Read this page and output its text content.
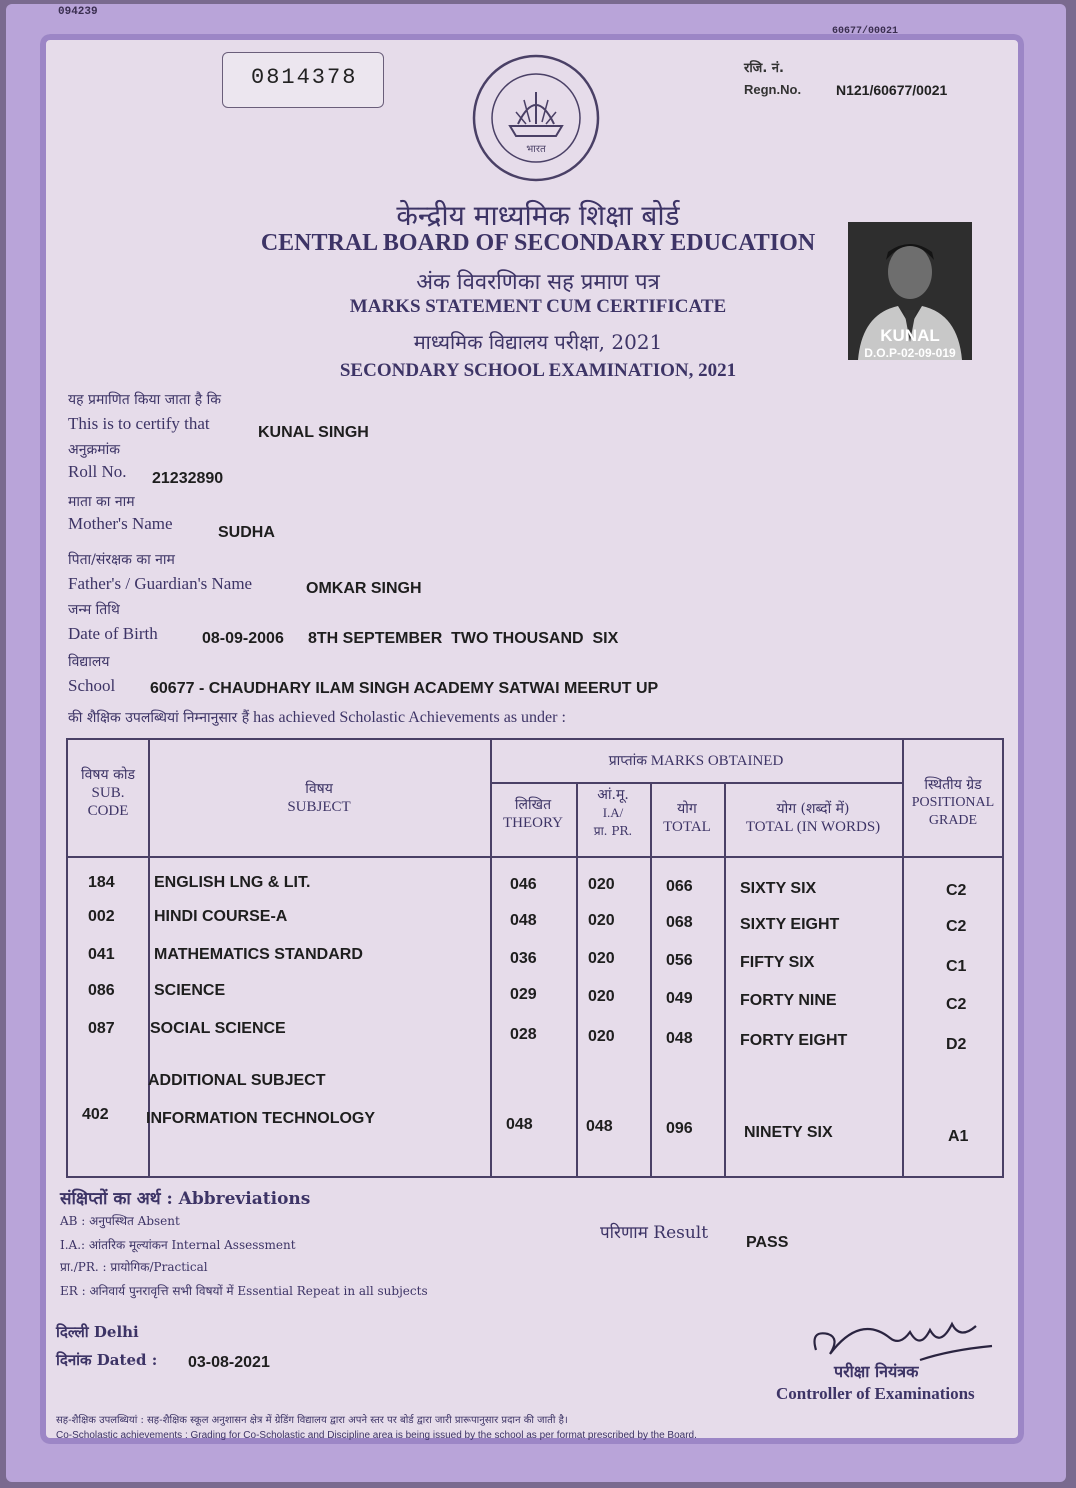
094239
60677/00021
0814378
भारत
रजि. नं.
Regn.No. N121/60677/0021
केन्द्रीय माध्यमिक शिक्षा बोर्ड
CENTRAL BOARD OF SECONDARY EDUCATION
अंक विवरणिका सह प्रमाण पत्र
MARKS STATEMENT CUM CERTIFICATE
माध्यमिक विद्यालय परीक्षा, 2021
SECONDARY SCHOOL EXAMINATION, 2021
KUNAL
D.O.P-02-09-019
यह प्रमाणित किया जाता है कि
This is to certify that	KUNAL SINGH
अनुक्रमांक
Roll No. 21232890
माता का नाम
Mother's Name	SUDHA
पिता/संरक्षक का नाम
Father's / Guardian's Name	OMKAR SINGH
जन्म तिथि
Date of Birth	08-09-2006 8TH SEPTEMBER  TWO THOUSAND  SIX
विद्यालय
School 60677 - CHAUDHARY ILAM SINGH ACADEMY SATWAI MEERUT UP
की शैक्षिक उपलब्धियां निम्नानुसार हैं has achieved Scholastic Achievements as under :
विषय कोड
SUB.
CODE
विषय
SUBJECT
प्राप्तांक MARKS OBTAINED
लिखित
THEORY
आं.मू.
I.A/
प्रा. PR.
योग
TOTAL
योग (शब्दों में)
TOTAL (IN WORDS)
स्थितीय ग्रेड
POSITIONAL
GRADE
184 ENGLISH LNG & LIT.	046	020	066	SIXTY SIX	C2
002 HINDI COURSE-A	048	020	068	SIXTY EIGHT	C2
041 MATHEMATICS STANDARD	036	020	056	FIFTY SIX	C1
086 SCIENCE	029	020	049	FORTY NINE	C2
087 SOCIAL SCIENCE	028	020	048	FORTY EIGHT	D2
ADDITIONAL SUBJECT
402 INFORMATION TECHNOLOGY	048	048	096	NINETY SIX	A1
संक्षिप्तों का अर्थ : Abbreviations
AB : अनुपस्थित Absent
I.A.: आंतरिक मूल्यांकन Internal Assessment
प्रा./PR. : प्रायोगिक/Practical
ER : अनिवार्य पुनरावृत्ति सभी विषयों में Essential Repeat in all subjects
परिणाम Result PASS
दिल्ली Delhi
दिनांक Dated : 03-08-2021	परीक्षा नियंत्रक
Controller of Examinations
सह-शैक्षिक उपलब्धियां : सह-शैक्षिक स्कूल अनुशासन क्षेत्र में ग्रेडिंग विद्यालय द्वारा अपने स्तर पर बोर्ड द्वारा जारी प्रारूपानुसार प्रदान की जाती है।
Co-Scholastic achievements : Grading for Co-Scholastic and Discipline area is being issued by the school as per format prescribed by the Board.
